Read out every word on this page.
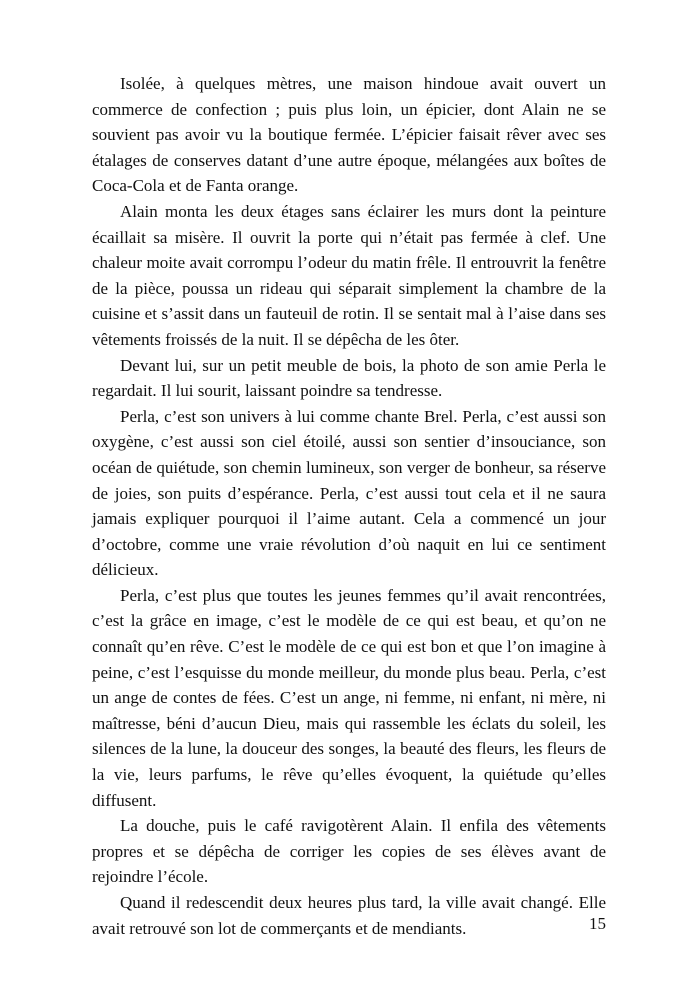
Isolée, à quelques mètres, une maison hindoue avait ouvert un commerce de confection ; puis plus loin, un épicier, dont Alain ne se souvient pas avoir vu la boutique fermée. L’épicier faisait rêver avec ses étalages de conserves datant d’une autre époque, mélangées aux boîtes de Coca-Cola et de Fanta orange.

Alain monta les deux étages sans éclairer les murs dont la peinture écaillait sa misère. Il ouvrit la porte qui n’était pas fermée à clef. Une chaleur moite avait corrompu l’odeur du matin frêle. Il entrouvrit la fenêtre de la pièce, poussa un rideau qui séparait simplement la chambre de la cuisine et s’assit dans un fauteuil de rotin. Il se sentait mal à l’aise dans ses vêtements froissés de la nuit. Il se dépêcha de les ôter.

Devant lui, sur un petit meuble de bois, la photo de son amie Perla le regardait. Il lui sourit, laissant poindre sa tendresse.

Perla, c’est son univers à lui comme chante Brel. Perla, c’est aussi son oxygène, c’est aussi son ciel étoilé, aussi son sentier d’insouciance, son océan de quiétude, son chemin lumineux, son verger de bonheur, sa réserve de joies, son puits d’espérance. Perla, c’est aussi tout cela et il ne saura jamais expliquer pourquoi il l’aime autant. Cela a commencé un jour d’octobre, comme une vraie révolution d’où naquit en lui ce sentiment délicieux.

Perla, c’est plus que toutes les jeunes femmes qu’il avait rencontrées, c’est la grâce en image, c’est le modèle de ce qui est beau, et qu’on ne connaît qu’en rêve. C’est le modèle de ce qui est bon et que l’on imagine à peine, c’est l’esquisse du monde meilleur, du monde plus beau. Perla, c’est un ange de contes de fées. C’est un ange, ni femme, ni enfant, ni mère, ni maîtresse, béni d’aucun Dieu, mais qui rassemble les éclats du soleil, les silences de la lune, la douceur des songes, la beauté des fleurs, les fleurs de la vie, leurs parfums, le rêve qu’elles évoquent, la quiétude qu’elles diffusent.

La douche, puis le café ravigotèrent Alain. Il enfila des vêtements propres et se dépêcha de corriger les copies de ses élèves avant de rejoindre l’école.

Quand il redescendit deux heures plus tard, la ville avait changé. Elle avait retrouvé son lot de commerçants et de mendiants.	15
